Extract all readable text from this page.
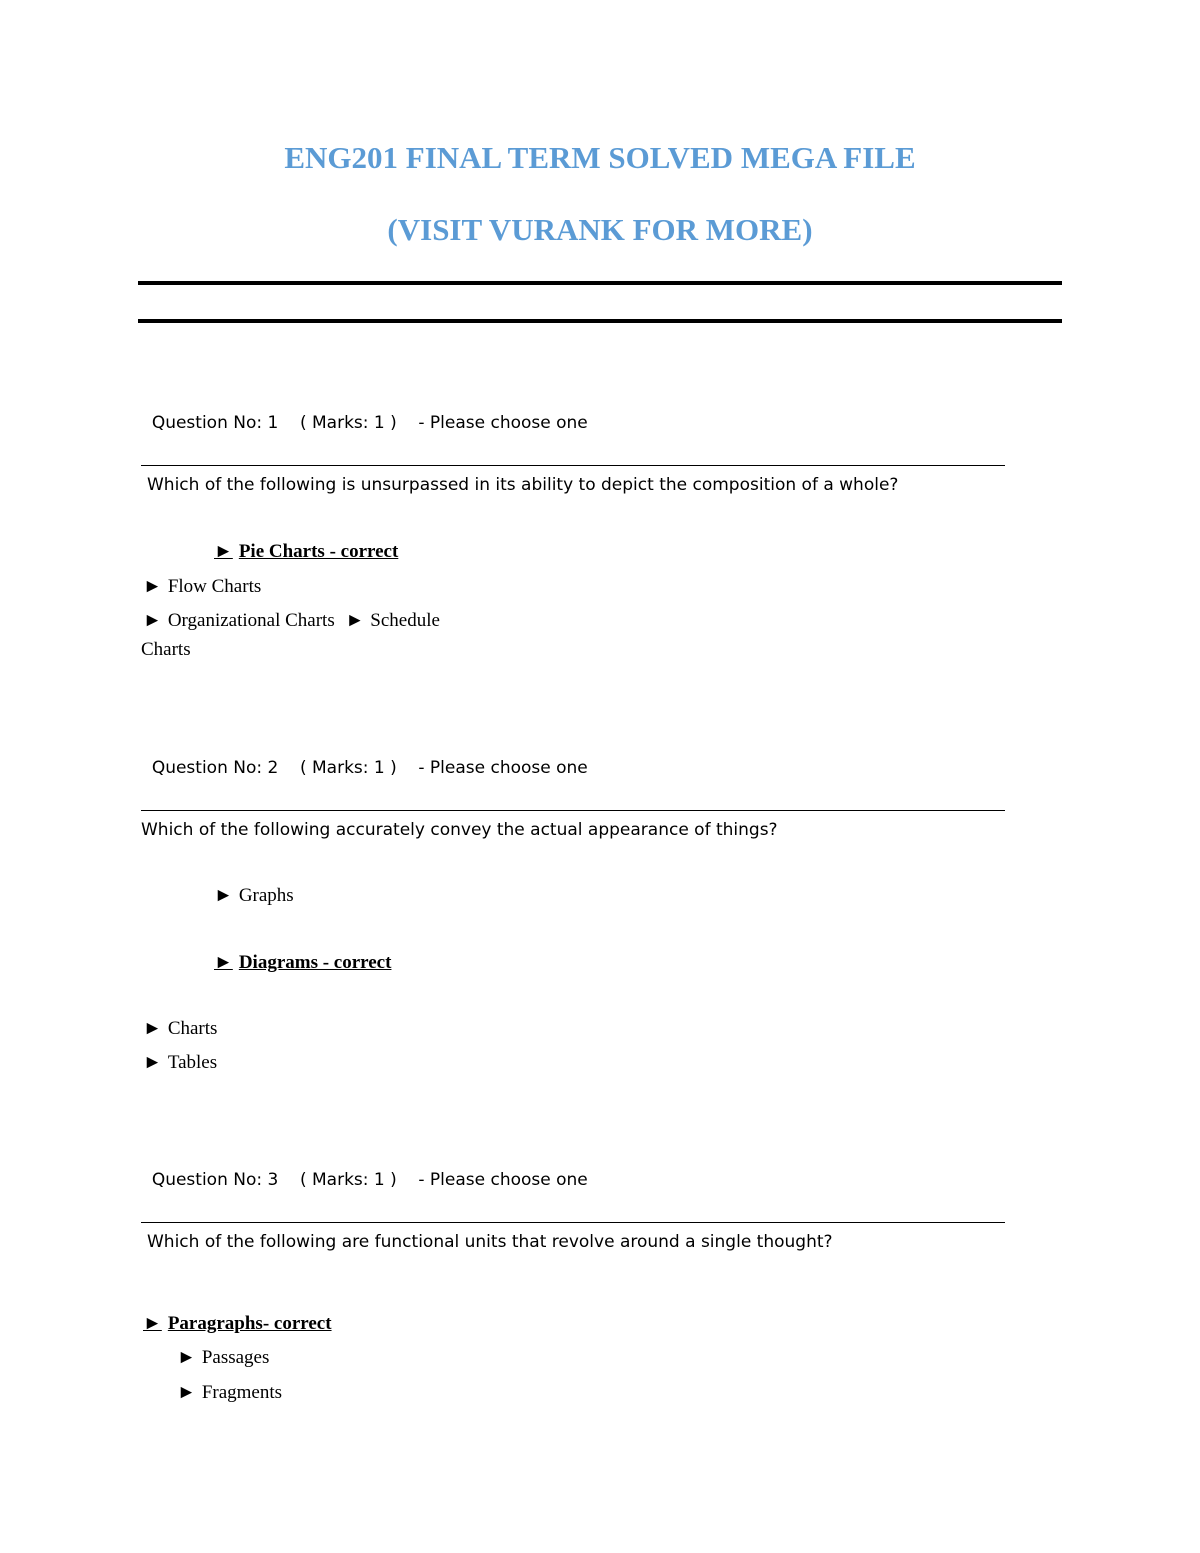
ENG201 FINAL TERM SOLVED MEGA FILE
(VISIT VURANK FOR MORE)

Question No: 1 ( Marks: 1 ) - Please choose one

Which of the following is unsurpassed in its ability to depict the composition of a whole?
► Pie Charts - correct
► Flow Charts
► Organizational Charts ► Schedule
Charts

Question No: 2 ( Marks: 1 ) - Please choose one

Which of the following accurately convey the actual appearance of things?
► Graphs
► Diagrams - correct
► Charts
► Tables

Question No: 3 ( Marks: 1 ) - Please choose one

Which of the following are functional units that revolve around a single thought?
► Paragraphs- correct
► Passages
► Fragments
